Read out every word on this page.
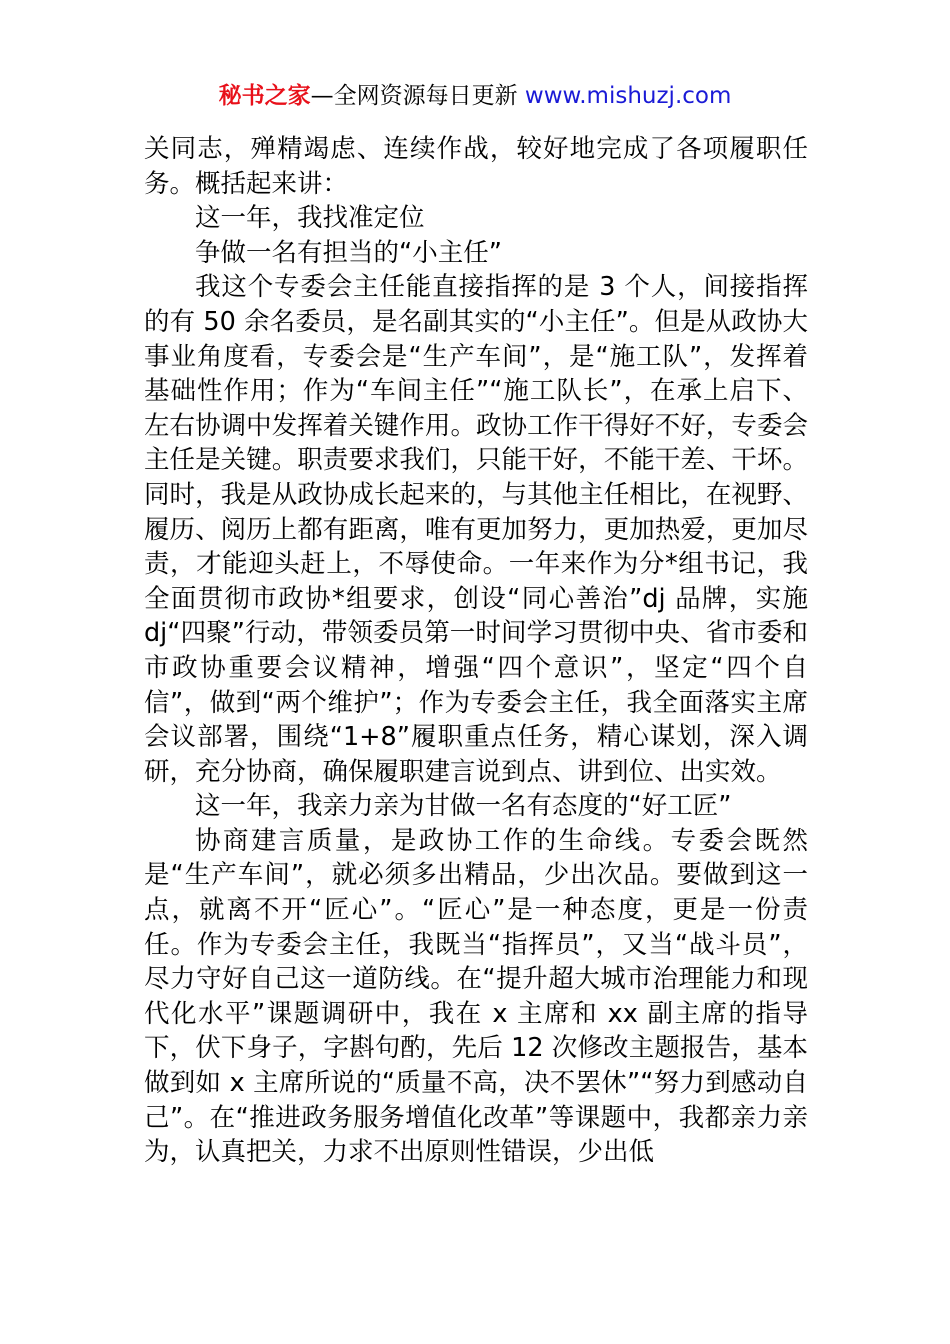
秘书之家—全网资源每日更新 www.mishuzj.com

关同志，殚精竭虑、连续作战，较好地完成了各项履职任务。概括起来讲：

这一年，我找准定位

争做一名有担当的“小主任”

我这个专委会主任能直接指挥的是 3 个人，间接指挥的有 50 余名委员，是名副其实的“小主任”。但是从政协大事业角度看，专委会是“生产车间”，是“施工队”，发挥着基础性作用；作为“车间主任”“施工队长”，在承上启下、左右协调中发挥着关键作用。政协工作干得好不好，专委会主任是关键。职责要求我们，只能干好，不能干差、干坏。同时，我是从政协成长起来的，与其他主任相比，在视野、履历、阅历上都有距离，唯有更加努力，更加热爱，更加尽责，才能迎头赶上，不辱使命。一年来作为分*组书记，我全面贯彻市政协*组要求，创设“同心善治”dj 品牌，实施 dj“四聚”行动，带领委员第一时间学习贯彻中央、省市委和市政协重要会议精神，增强“四个意识”，坚定“四个自信”，做到“两个维护”；作为专委会主任，我全面落实主席会议部署，围绕“1+8”履职重点任务，精心谋划，深入调研，充分协商，确保履职建言说到点、讲到位、出实效。

这一年，我亲力亲为甘做一名有态度的“好工匠”

协商建言质量，是政协工作的生命线。专委会既然是“生产车间”，就必须多出精品，少出次品。要做到这一点，就离不开“匠心”。“匠心”是一种态度，更是一份责任。作为专委会主任，我既当“指挥员”，又当“战斗员”，尽力守好自己这一道防线。在“提升超大城市治理能力和现代化水平”课题调研中，我在 x 主席和 xx 副主席的指导下，伏下身子，字斟句酌，先后 12 次修改主题报告，基本做到如 x 主席所说的“质量不高，决不罢休”“努力到感动自己”。在“推进政务服务增值化改革”等课题中，我都亲力亲为，认真把关，力求不出原则性错误，少出低
